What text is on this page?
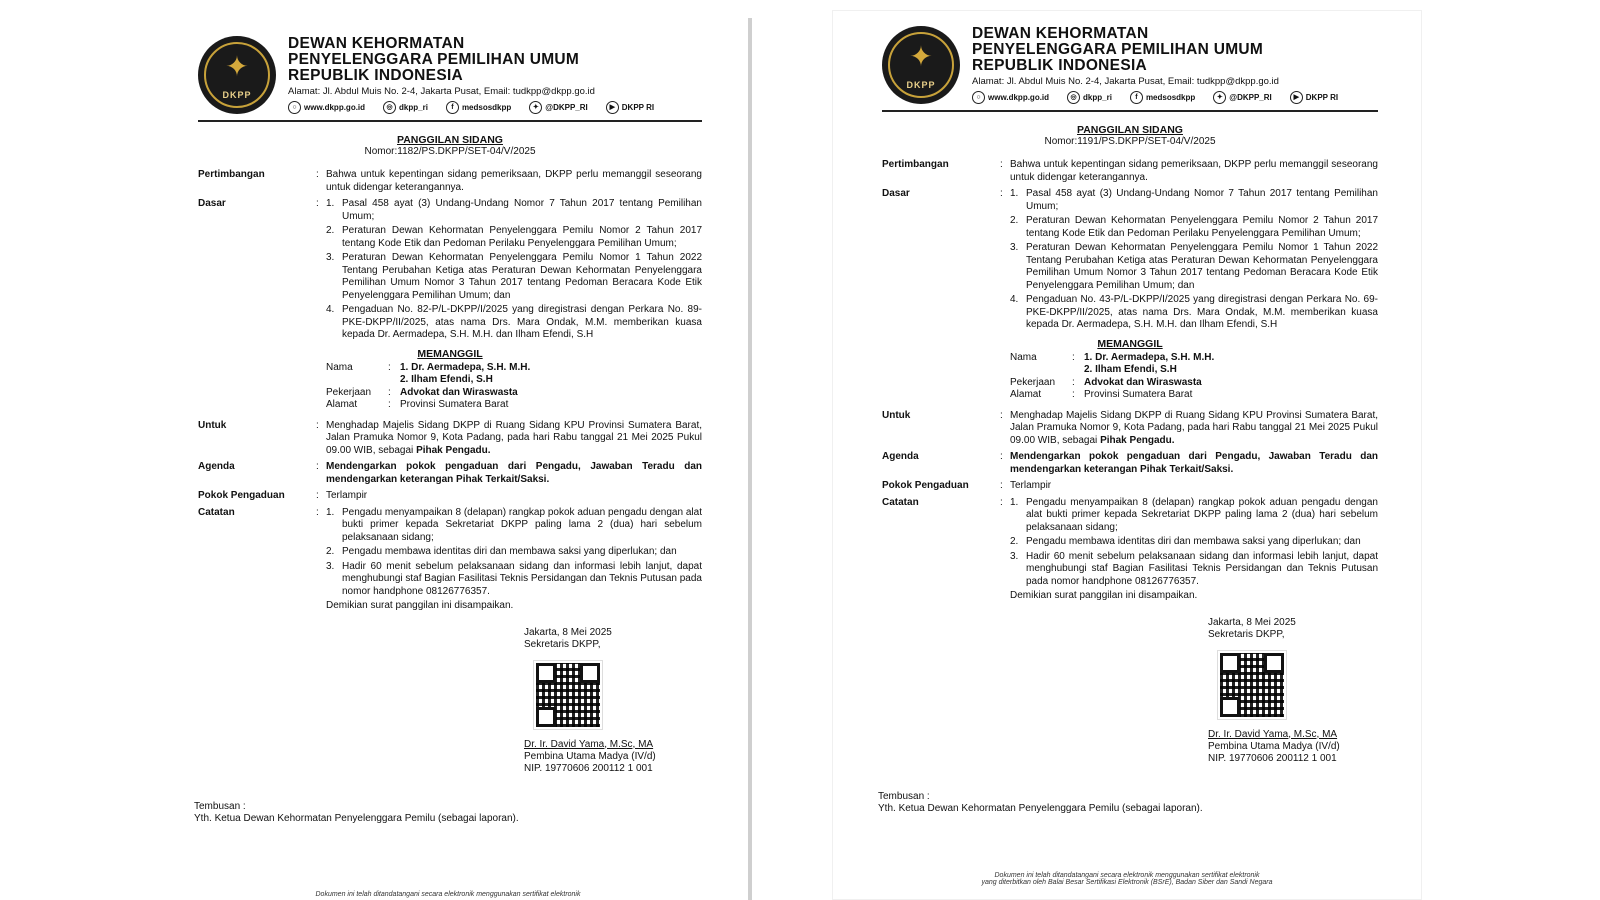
✦
DKPP
DEWAN KEHORMATAN
PENYELENGGARA PEMILIHAN UMUM
REPUBLIK INDONESIA
Alamat: Jl. Abdul Muis No. 2-4, Jakarta Pusat, Email: tudkpp@dkpp.go.id
○ www.dkpp.go.id	◎ dkpp_ri	f	medsosdkpp	✦ @DKPP_RI	▶ DKPP RI
PANGGILAN SIDANG
Nomor:1182/PS.DKPP/SET-04/V/2025
Pertimbangan	: Bahwa untuk kepentingan sidang pemeriksaan, DKPP perlu memanggil seseorang untuk didengar keterangannya.
Dasar	: 1. Pasal 458 ayat (3) Undang-Undang Nomor 7 Tahun 2017 tentang Pemilihan Umum;
2. Peraturan Dewan Kehormatan Penyelenggara Pemilu Nomor 2 Tahun 2017 tentang Kode Etik dan Pedoman Perilaku Penyelenggara Pemilihan Umum;
3. Peraturan Dewan Kehormatan Penyelenggara Pemilu Nomor 1 Tahun 2022 Tentang Perubahan Ketiga atas Peraturan Dewan Kehormatan Penyelenggara Pemilihan Umum Nomor 3 Tahun 2017 tentang Pedoman Beracara Kode Etik Penyelenggara Pemilihan Umum; dan
4. Pengaduan No. 82-P/L-DKPP/I/2025 yang diregistrasi dengan Perkara No. 89-PKE-DKPP/II/2025, atas nama Drs. Mara Ondak, M.M. memberikan kuasa kepada Dr. Aermadepa, S.H. M.H. dan Ilham Efendi, S.H
MEMANGGIL
Nama	: 1. Dr. Aermadepa, S.H. M.H.
2. Ilham Efendi, S.H
Pekerjaan	: Advokat dan Wiraswasta
Alamat	: Provinsi Sumatera Barat
Untuk	: Menghadap Majelis Sidang DKPP di Ruang Sidang KPU Provinsi Sumatera Barat, Jalan Pramuka Nomor 9, Kota Padang, pada hari Rabu tanggal 21 Mei 2025 Pukul 09.00 WIB, sebagai Pihak Pengadu.
Agenda	: Mendengarkan pokok pengaduan dari Pengadu, Jawaban Teradu dan mendengarkan keterangan Pihak Terkait/Saksi.
Pokok Pengaduan	: Terlampir
Catatan	: 1. Pengadu menyampaikan 8 (delapan) rangkap pokok aduan pengadu dengan alat bukti primer kepada Sekretariat DKPP paling lama 2 (dua) hari sebelum pelaksanaan sidang;
2. Pengadu membawa identitas diri dan membawa saksi yang diperlukan; dan
3. Hadir 60 menit sebelum pelaksanaan sidang dan informasi lebih lanjut, dapat menghubungi staf Bagian Fasilitasi Teknis Persidangan dan Teknis Putusan pada nomor handphone 08126776357.
Demikian surat panggilan ini disampaikan.
Jakarta, 8 Mei 2025
Sekretaris DKPP,
Dr. Ir. David Yama, M.Sc, MA
Pembina Utama Madya (IV/d)
NIP. 19770606 200112 1 001
Tembusan :
Yth. Ketua Dewan Kehormatan Penyelenggara Pemilu (sebagai laporan).
Dokumen ini telah ditandatangani secara elektronik menggunakan sertifikat elektronik
✦
DKPP
DEWAN KEHORMATAN
PENYELENGGARA PEMILIHAN UMUM
REPUBLIK INDONESIA
Alamat: Jl. Abdul Muis No. 2-4, Jakarta Pusat, Email: tudkpp@dkpp.go.id
○ www.dkpp.go.id	◎ dkpp_ri	f	medsosdkpp	✦ @DKPP_RI	▶ DKPP RI
PANGGILAN SIDANG
Nomor:1191/PS.DKPP/SET-04/V/2025
Pertimbangan	: Bahwa untuk kepentingan sidang pemeriksaan, DKPP perlu memanggil seseorang untuk didengar keterangannya.
Dasar	: 1. Pasal 458 ayat (3) Undang-Undang Nomor 7 Tahun 2017 tentang Pemilihan Umum;
2. Peraturan Dewan Kehormatan Penyelenggara Pemilu Nomor 2 Tahun 2017 tentang Kode Etik dan Pedoman Perilaku Penyelenggara Pemilihan Umum;
3. Peraturan Dewan Kehormatan Penyelenggara Pemilu Nomor 1 Tahun 2022 Tentang Perubahan Ketiga atas Peraturan Dewan Kehormatan Penyelenggara Pemilihan Umum Nomor 3 Tahun 2017 tentang Pedoman Beracara Kode Etik Penyelenggara Pemilihan Umum; dan
4. Pengaduan No. 43-P/L-DKPP/I/2025 yang diregistrasi dengan Perkara No. 69-PKE-DKPP/II/2025, atas nama Drs. Mara Ondak, M.M. memberikan kuasa kepada Dr. Aermadepa, S.H. M.H. dan Ilham Efendi, S.H
MEMANGGIL
Nama	: 1. Dr. Aermadepa, S.H. M.H.
2. Ilham Efendi, S.H
Pekerjaan	: Advokat dan Wiraswasta
Alamat	: Provinsi Sumatera Barat
Untuk	: Menghadap Majelis Sidang DKPP di Ruang Sidang KPU Provinsi Sumatera Barat, Jalan Pramuka Nomor 9, Kota Padang, pada hari Rabu tanggal 21 Mei 2025 Pukul 09.00 WIB, sebagai Pihak Pengadu.
Agenda	: Mendengarkan pokok pengaduan dari Pengadu, Jawaban Teradu dan mendengarkan keterangan Pihak Terkait/Saksi.
Pokok Pengaduan	: Terlampir
Catatan	: 1. Pengadu menyampaikan 8 (delapan) rangkap pokok aduan pengadu dengan alat bukti primer kepada Sekretariat DKPP paling lama 2 (dua) hari sebelum pelaksanaan sidang;
2. Pengadu membawa identitas diri dan membawa saksi yang diperlukan; dan
3. Hadir 60 menit sebelum pelaksanaan sidang dan informasi lebih lanjut, dapat menghubungi staf Bagian Fasilitasi Teknis Persidangan dan Teknis Putusan pada nomor handphone 08126776357.
Demikian surat panggilan ini disampaikan.
Jakarta, 8 Mei 2025
Sekretaris DKPP,
Dr. Ir. David Yama, M.Sc, MA
Pembina Utama Madya (IV/d)
NIP. 19770606 200112 1 001
Tembusan :
Yth. Ketua Dewan Kehormatan Penyelenggara Pemilu (sebagai laporan).
Dokumen ini telah ditandatangani secara elektronik menggunakan sertifikat elektronik
yang diterbitkan oleh Balai Besar Sertifikasi Elektronik (BSrE), Badan Siber dan Sandi Negara
